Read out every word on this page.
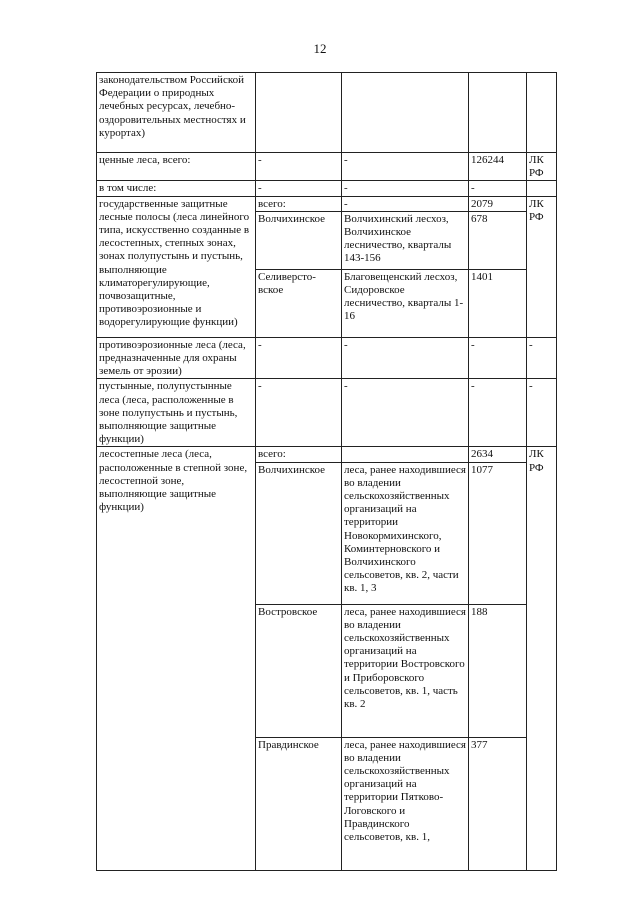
12
законодательством Российской Федерации о природных лечебных ресурсах, лечебно-оздоровительных местностях и курортах)				
ценные леса, всего:	-	-	126244	ЛК РФ
в том числе:	-	-	-	
государственные защитные лесные полосы (леса линейного типа, искусственно созданные в лесостепных, степных зонах, зонах полупустынь и пустынь, выполняющие климаторегулирующие, почвозащитные, противоэрозионные и водорегулирующие функции)	всего:	-	2079	ЛК РФ
	Волчихинское	Волчихинский лесхоз, Волчихинское лесничество, кварталы 143-156	678	
	Селиверсто-вское	Благовещенский лесхоз, Сидоровское лесничество, кварталы 1-16	1401	
противоэрозионные леса (леса, предназначенные для охраны земель от эрозии)	-	-	-	-
пустынные, полупустынные леса (леса, расположенные в зоне полупустынь и пустынь, выполняющие защитные функции)	-	-	-	-
лесостепные леса (леса, расположенные в степной зоне, лесостепной зоне, выполняющие защитные функции)	всего:		2634	ЛК РФ
	Волчихинское	леса, ранее находившиеся во владении сельскохозяйственных организаций на территории Новокормихинского, Коминтерновского и Волчихинского сельсоветов, кв. 2, части кв. 1, 3	1077	
	Востровское	леса, ранее находившиеся во владении сельскохозяйственных организаций на территории Востровского и Приборовского сельсоветов, кв. 1, часть кв. 2	188	
	Правдинское	леса, ранее находившиеся во владении сельскохозяйственных организаций на территории Пятково-Логовского и Правдинского сельсоветов, кв. 1,	377	
